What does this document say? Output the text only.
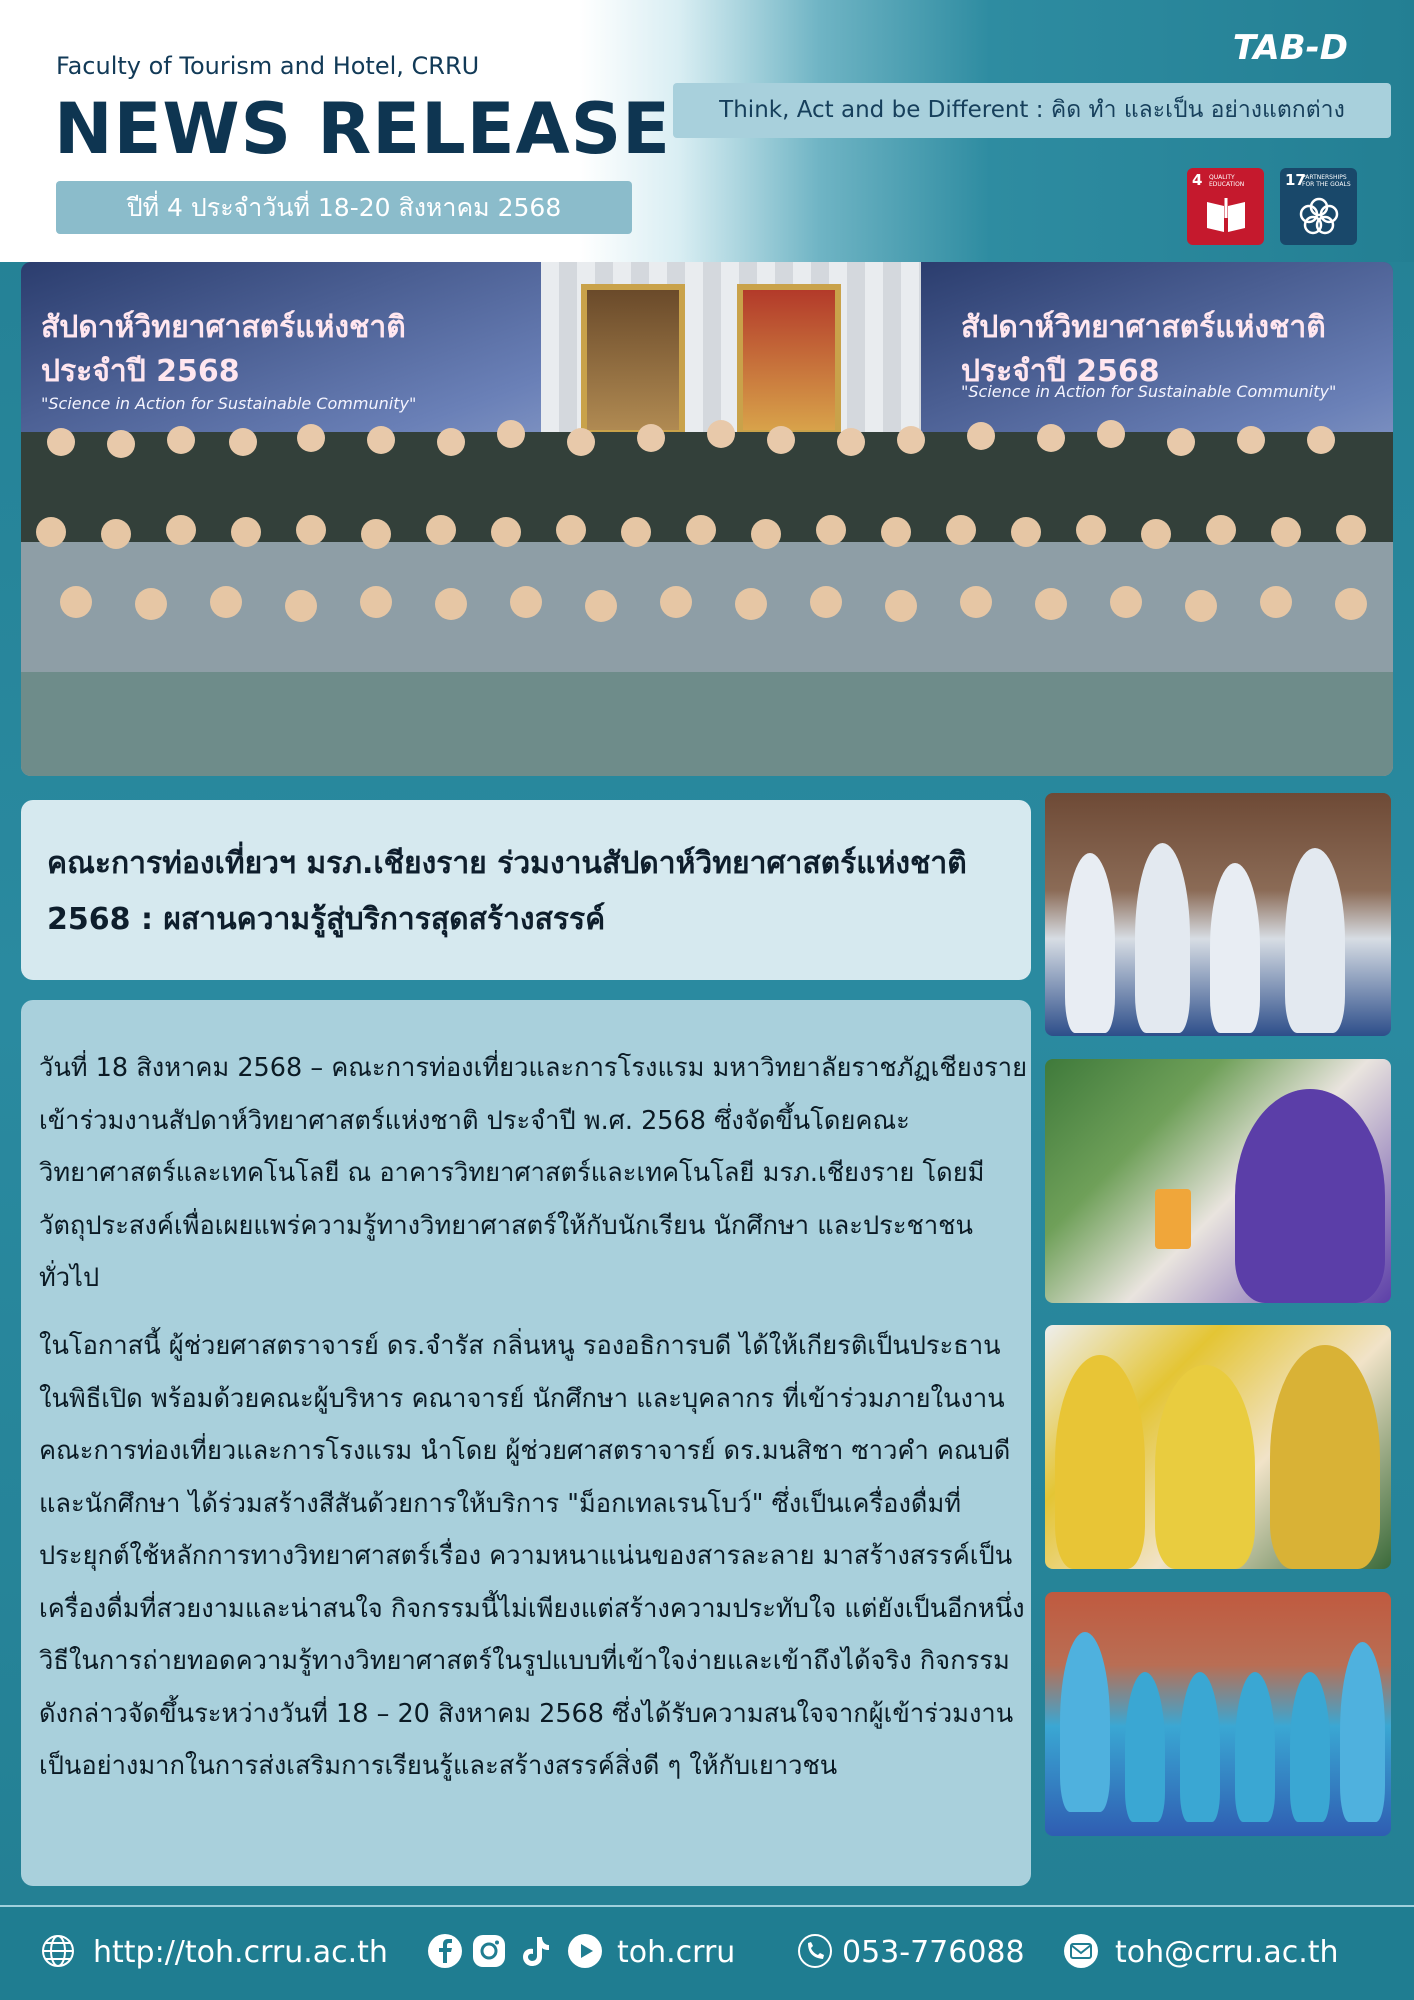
Faculty of Tourism and Hotel, CRRU
NEWS RELEASE
ปีที่ 4 ประจำวันที่ 18-20 สิงหาคม 2568
TAB-D
Think, Act and be Different : คิด ทำ และเป็น อย่างแตกต่าง
4 QUALITY EDUCATION	17
PARTNERSHIPS FOR THE GOALS
สัปดาห์วิทยาศาสตร์แห่งชาติ
ประจำปี 2568
"Science in Action for Sustainable Community"
สัปดาห์วิทยาศาสตร์แห่งชาติ
ประจำปี 2568
"Science in Action for Sustainable Community"
คณะการท่องเที่ยวฯ มรภ.เชียงราย ร่วมงานสัปดาห์วิทยาศาสตร์แห่งชาติ 2568 : ผสานความรู้สู่บริการสุดสร้างสรรค์
วันที่ 18 สิงหาคม 2568 – คณะการท่องเที่ยวและการโรงแรม มหาวิทยาลัยราชภัฏเชียงราย เข้าร่วมงานสัปดาห์วิทยาศาสตร์แห่งชาติ ประจำปี พ.ศ. 2568 ซึ่งจัดขึ้นโดยคณะวิทยาศาสตร์และเทคโนโลยี ณ อาคารวิทยาศาสตร์และเทคโนโลยี มรภ.เชียงราย โดยมีวัตถุประสงค์เพื่อเผยแพร่ความรู้ทางวิทยาศาสตร์ให้กับนักเรียน นักศึกษา และประชาชนทั่วไป
ในโอกาสนี้ ผู้ช่วยศาสตราจารย์ ดร.จำรัส กลิ่นหนู รองอธิการบดี ได้ให้เกียรติเป็นประธานในพิธีเปิด พร้อมด้วยคณะผู้บริหาร คณาจารย์ นักศึกษา และบุคลากร ที่เข้าร่วมภายในงาน คณะการท่องเที่ยวและการโรงแรม นำโดย ผู้ช่วยศาสตราจารย์ ดร.มนสิชา ซาวคำ คณบดี และนักศึกษา ได้ร่วมสร้างสีสันด้วยการให้บริการ "ม็อกเทลเรนโบว์" ซึ่งเป็นเครื่องดื่มที่ประยุกต์ใช้หลักการทางวิทยาศาสตร์เรื่อง ความหนาแน่นของสารละลาย มาสร้างสรรค์เป็นเครื่องดื่มที่สวยงามและน่าสนใจ กิจกรรมนี้ไม่เพียงแต่สร้างความประทับใจ แต่ยังเป็นอีกหนึ่งวิธีในการถ่ายทอดความรู้ทางวิทยาศาสตร์ในรูปแบบที่เข้าใจง่ายและเข้าถึงได้จริง กิจกรรมดังกล่าวจัดขึ้นระหว่างวันที่ 18 – 20 สิงหาคม 2568 ซึ่งได้รับความสนใจจากผู้เข้าร่วมงานเป็นอย่างมากในการส่งเสริมการเรียนรู้และสร้างสรรค์สิ่งดี ๆ ให้กับเยาวชน
http://toh.crru.ac.th	toh.crru	053-776088	toh@crru.ac.th
